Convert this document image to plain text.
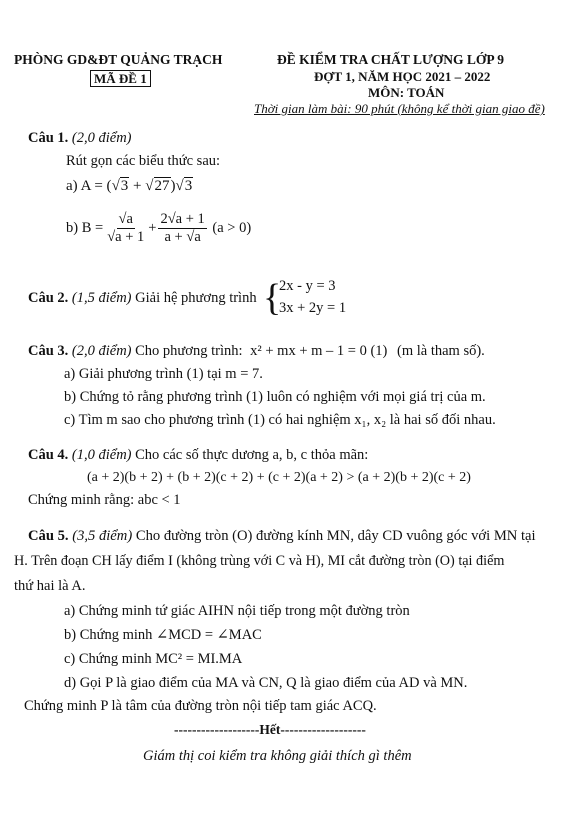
PHÒNG GD&ĐT QUẢNG TRẠCH
MÃ ĐỀ 1
ĐỀ KIỂM TRA CHẤT LƯỢNG LỚP 9
ĐỢT 1, NĂM HỌC 2021 – 2022
MÔN: TOÁN
Thời gian làm bài: 90 phút (không kể thời gian giao đề)
Câu 1. (2,0 điểm)
Rút gọn các biểu thức sau:
a) A = (√3 + √27)√3
b)
$B = \frac{√a}{√a + 1} + \frac{2√a + 1}{a + √a}$
(a > 0)
Câu 2. (1,5 điểm) Giải hệ phương trình {
2x - y = 3
3x + 2y = 1
Câu 3. (2,0 điểm) Cho phương trình: x² + mx + m – 1 = 0 (1) (m là tham số).
a) Giải phương trình (1) tại m = 7.
b) Chứng tỏ rằng phương trình (1) luôn có nghiệm với mọi giá trị của m.
c) Tìm m sao cho phương trình (1) có hai nghiệm x₁, x₂ là hai số đối nhau.
Câu 4. (1,0 điểm) Cho các số thực dương a, b, c thỏa mãn:
(a + 2)(b + 2) + (b + 2)(c + 2) + (c + 2)(a + 2) > (a + 2)(b + 2)(c + 2)
Chứng minh rằng: abc < 1
Câu 5. (3,5 điểm) Cho đường tròn (O) đường kính MN, dây CD vuông góc với MN tại
H. Trên đoạn CH lấy điểm I (không trùng với C và H), MI cắt đường tròn (O) tại điểm
thứ hai là A.
a) Chứng minh tứ giác AIHN nội tiếp trong một đường tròn
b) Chứng minh ∠MCD = ∠MAC
c) Chứng minh MC² = MI.MA
d) Gọi P là giao điểm của MA và CN, Q là giao điểm của AD và MN.
Chứng minh P là tâm của đường tròn nội tiếp tam giác ACQ.
-------------------Hết-------------------
Giám thị coi kiểm tra không giải thích gì thêm
